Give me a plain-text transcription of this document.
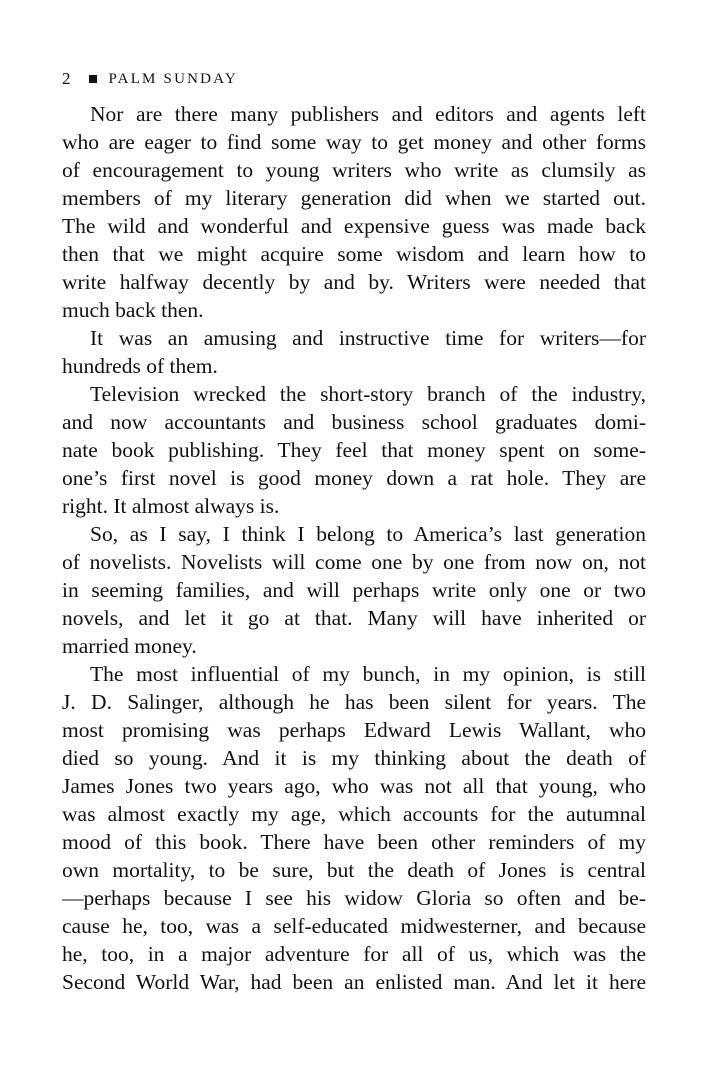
2	PALM SUNDAY
Nor are there many publishers and editors and agents left
who are eager to find some way to get money and other forms
of encouragement to young writers who write as clumsily as
members of my literary generation did when we started out.
The wild and wonderful and expensive guess was made back
then that we might acquire some wisdom and learn how to
write halfway decently by and by. Writers were needed that
much back then.
It was an amusing and instructive time for writers—for
hundreds of them.
Television wrecked the short-story branch of the industry,
and now accountants and business school graduates domi-
nate book publishing. They feel that money spent on some-
one’s first novel is good money down a rat hole. They are
right. It almost always is.
So, as I say, I think I belong to America’s last generation
of novelists. Novelists will come one by one from now on, not
in seeming families, and will perhaps write only one or two
novels, and let it go at that. Many will have inherited or
married money.
The most influential of my bunch, in my opinion, is still
J. D. Salinger, although he has been silent for years. The
most promising was perhaps Edward Lewis Wallant, who
died so young. And it is my thinking about the death of
James Jones two years ago, who was not all that young, who
was almost exactly my age, which accounts for the autumnal
mood of this book. There have been other reminders of my
own mortality, to be sure, but the death of Jones is central
—perhaps because I see his widow Gloria so often and be-
cause he, too, was a self-educated midwesterner, and because
he, too, in a major adventure for all of us, which was the
Second World War, had been an enlisted man. And let it here
